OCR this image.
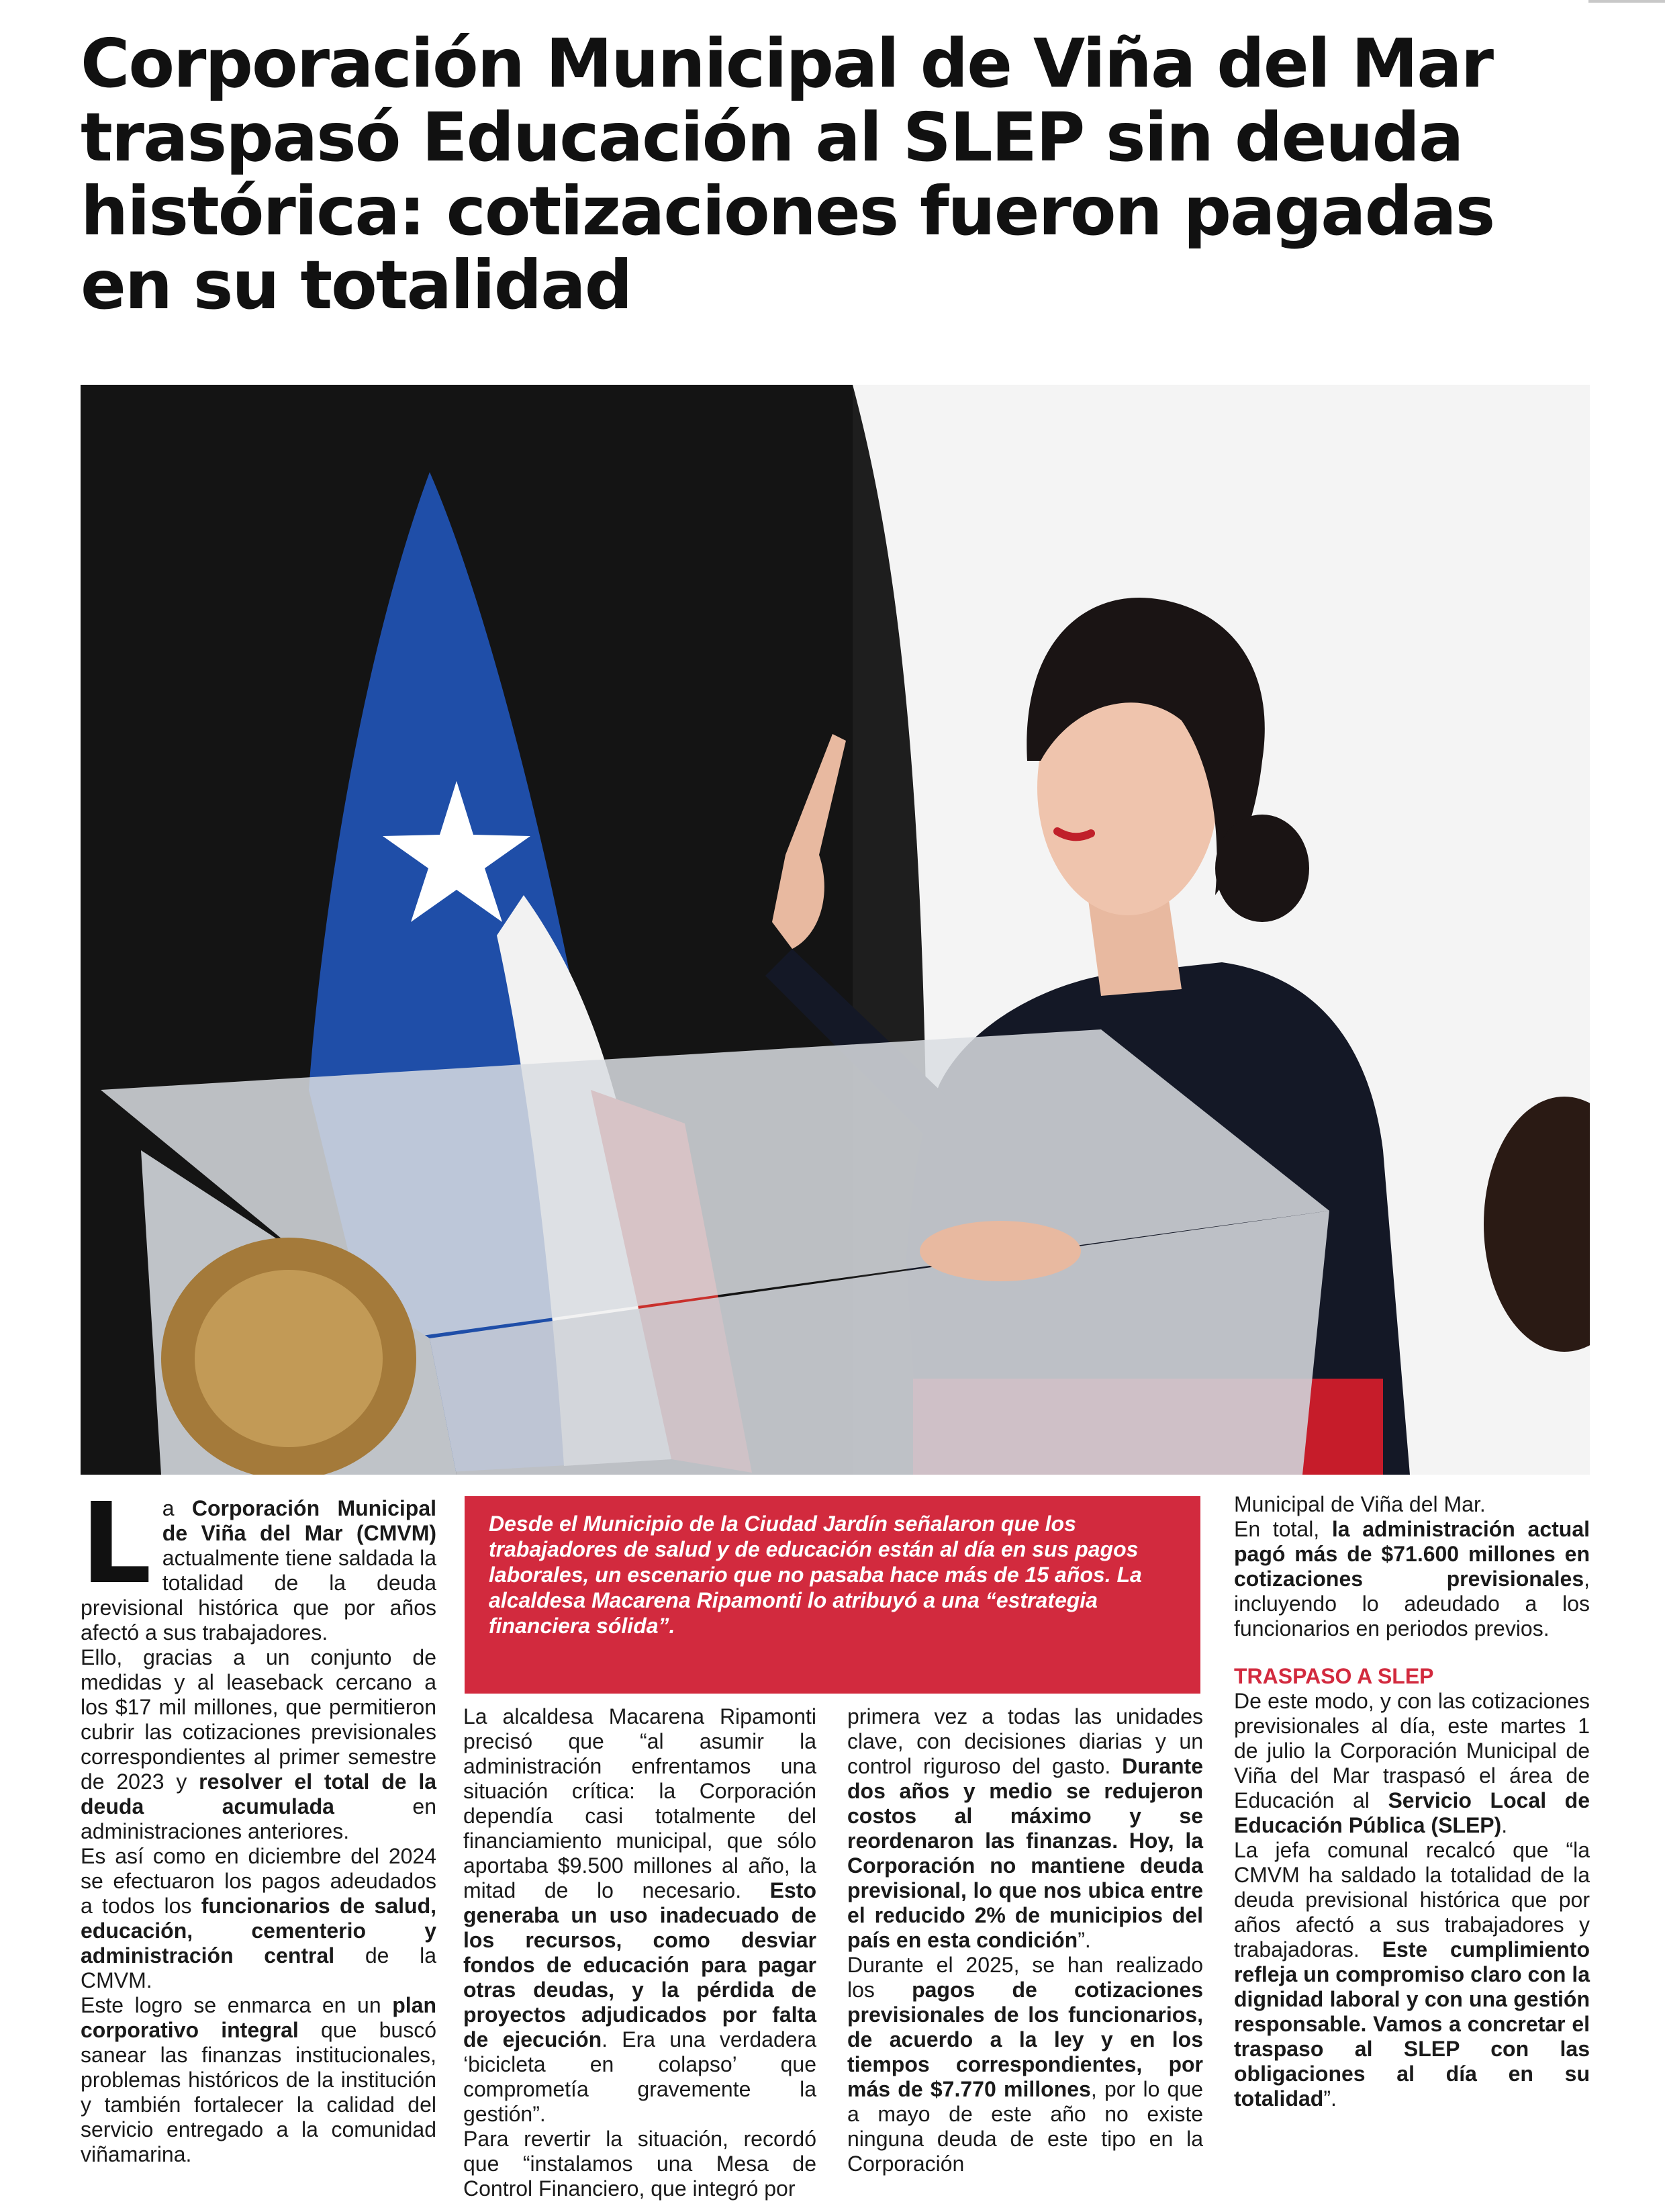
Corporación Municipal de Viña del Mar traspasó Educación al SLEP sin deuda histórica: cotizaciones fueron pagadas en su totalidad
L a Corporación Municipal de Viña del Mar (CMVM) actualmente tiene saldada la totalidad de la deuda previsional histórica que por años afectó a sus trabajadores.

Ello, gracias a un conjunto de medidas y al leaseback cercano a los $17 mil millones, que permitieron cubrir las cotizaciones previsionales correspondientes al primer semestre de 2023 y resolver el total de la deuda acumulada en administraciones anteriores.

Es así como en diciembre del 2024 se efectuaron los pagos adeudados a todos los funcionarios de salud, educación, cementerio y administración central de la CMVM.

Este logro se enmarca en un plan corporativo integral que buscó sanear las finanzas institucionales, problemas históricos de la institución y también fortalecer la calidad del servicio entregado a la comunidad viñamarina.

Desde el Municipio de la Ciudad Jardín señalaron que los trabajadores de salud y de educación están al día en sus pagos laborales, un escenario que no pasaba hace más de 15 años. La alcaldesa Macarena Ripamonti lo atribuyó a una “estrategia financiera sólida”.

La alcaldesa Macarena Ripamonti precisó que “al asumir la administración enfrentamos una situación crítica: la Corporación dependía casi totalmente del financiamiento municipal, que sólo aportaba $9.500 millones al año, la mitad de lo necesario. Esto generaba un uso inadecuado de los recursos, como desviar fondos de educación para pagar otras deudas, y la pérdida de proyectos adjudicados por falta de ejecución. Era una verdadera ‘bicicleta en colapso’ que comprometía gravemente la gestión”.

Para revertir la situación, recordó que “instalamos una Mesa de Control Financiero, que integró por

primera vez a todas las unidades clave, con decisiones diarias y un control riguroso del gasto. Durante dos años y medio se redujeron costos al máximo y se reordenaron las finanzas. Hoy, la Corporación no mantiene deuda previsional, lo que nos ubica entre el reducido 2% de municipios del país en esta condición”.

Durante el 2025, se han realizado los pagos de cotizaciones previsionales de los funcionarios, de acuerdo a la ley y en los tiempos correspondientes, por más de $7.770 millones, por lo que a mayo de este año no existe ninguna deuda de este tipo en la Corporación

Municipal de Viña del Mar.

En total, la administración actual pagó más de $71.600 millones en cotizaciones previsionales, incluyendo lo adeudado a los funcionarios en periodos previos.

TRASPASO A SLEP

De este modo, y con las cotizaciones previsionales al día, este martes 1 de julio la Corporación Municipal de Viña del Mar traspasó el área de Educación al Servicio Local de Educación Pública (SLEP).

La jefa comunal recalcó que “la CMVM ha saldado la totalidad de la deuda previsional histórica que por años afectó a sus trabajadores y trabajadoras. Este cumplimiento refleja un compromiso claro con la dignidad laboral y con una gestión responsable. Vamos a concretar el traspaso al SLEP con las obligaciones al día en su totalidad”.
